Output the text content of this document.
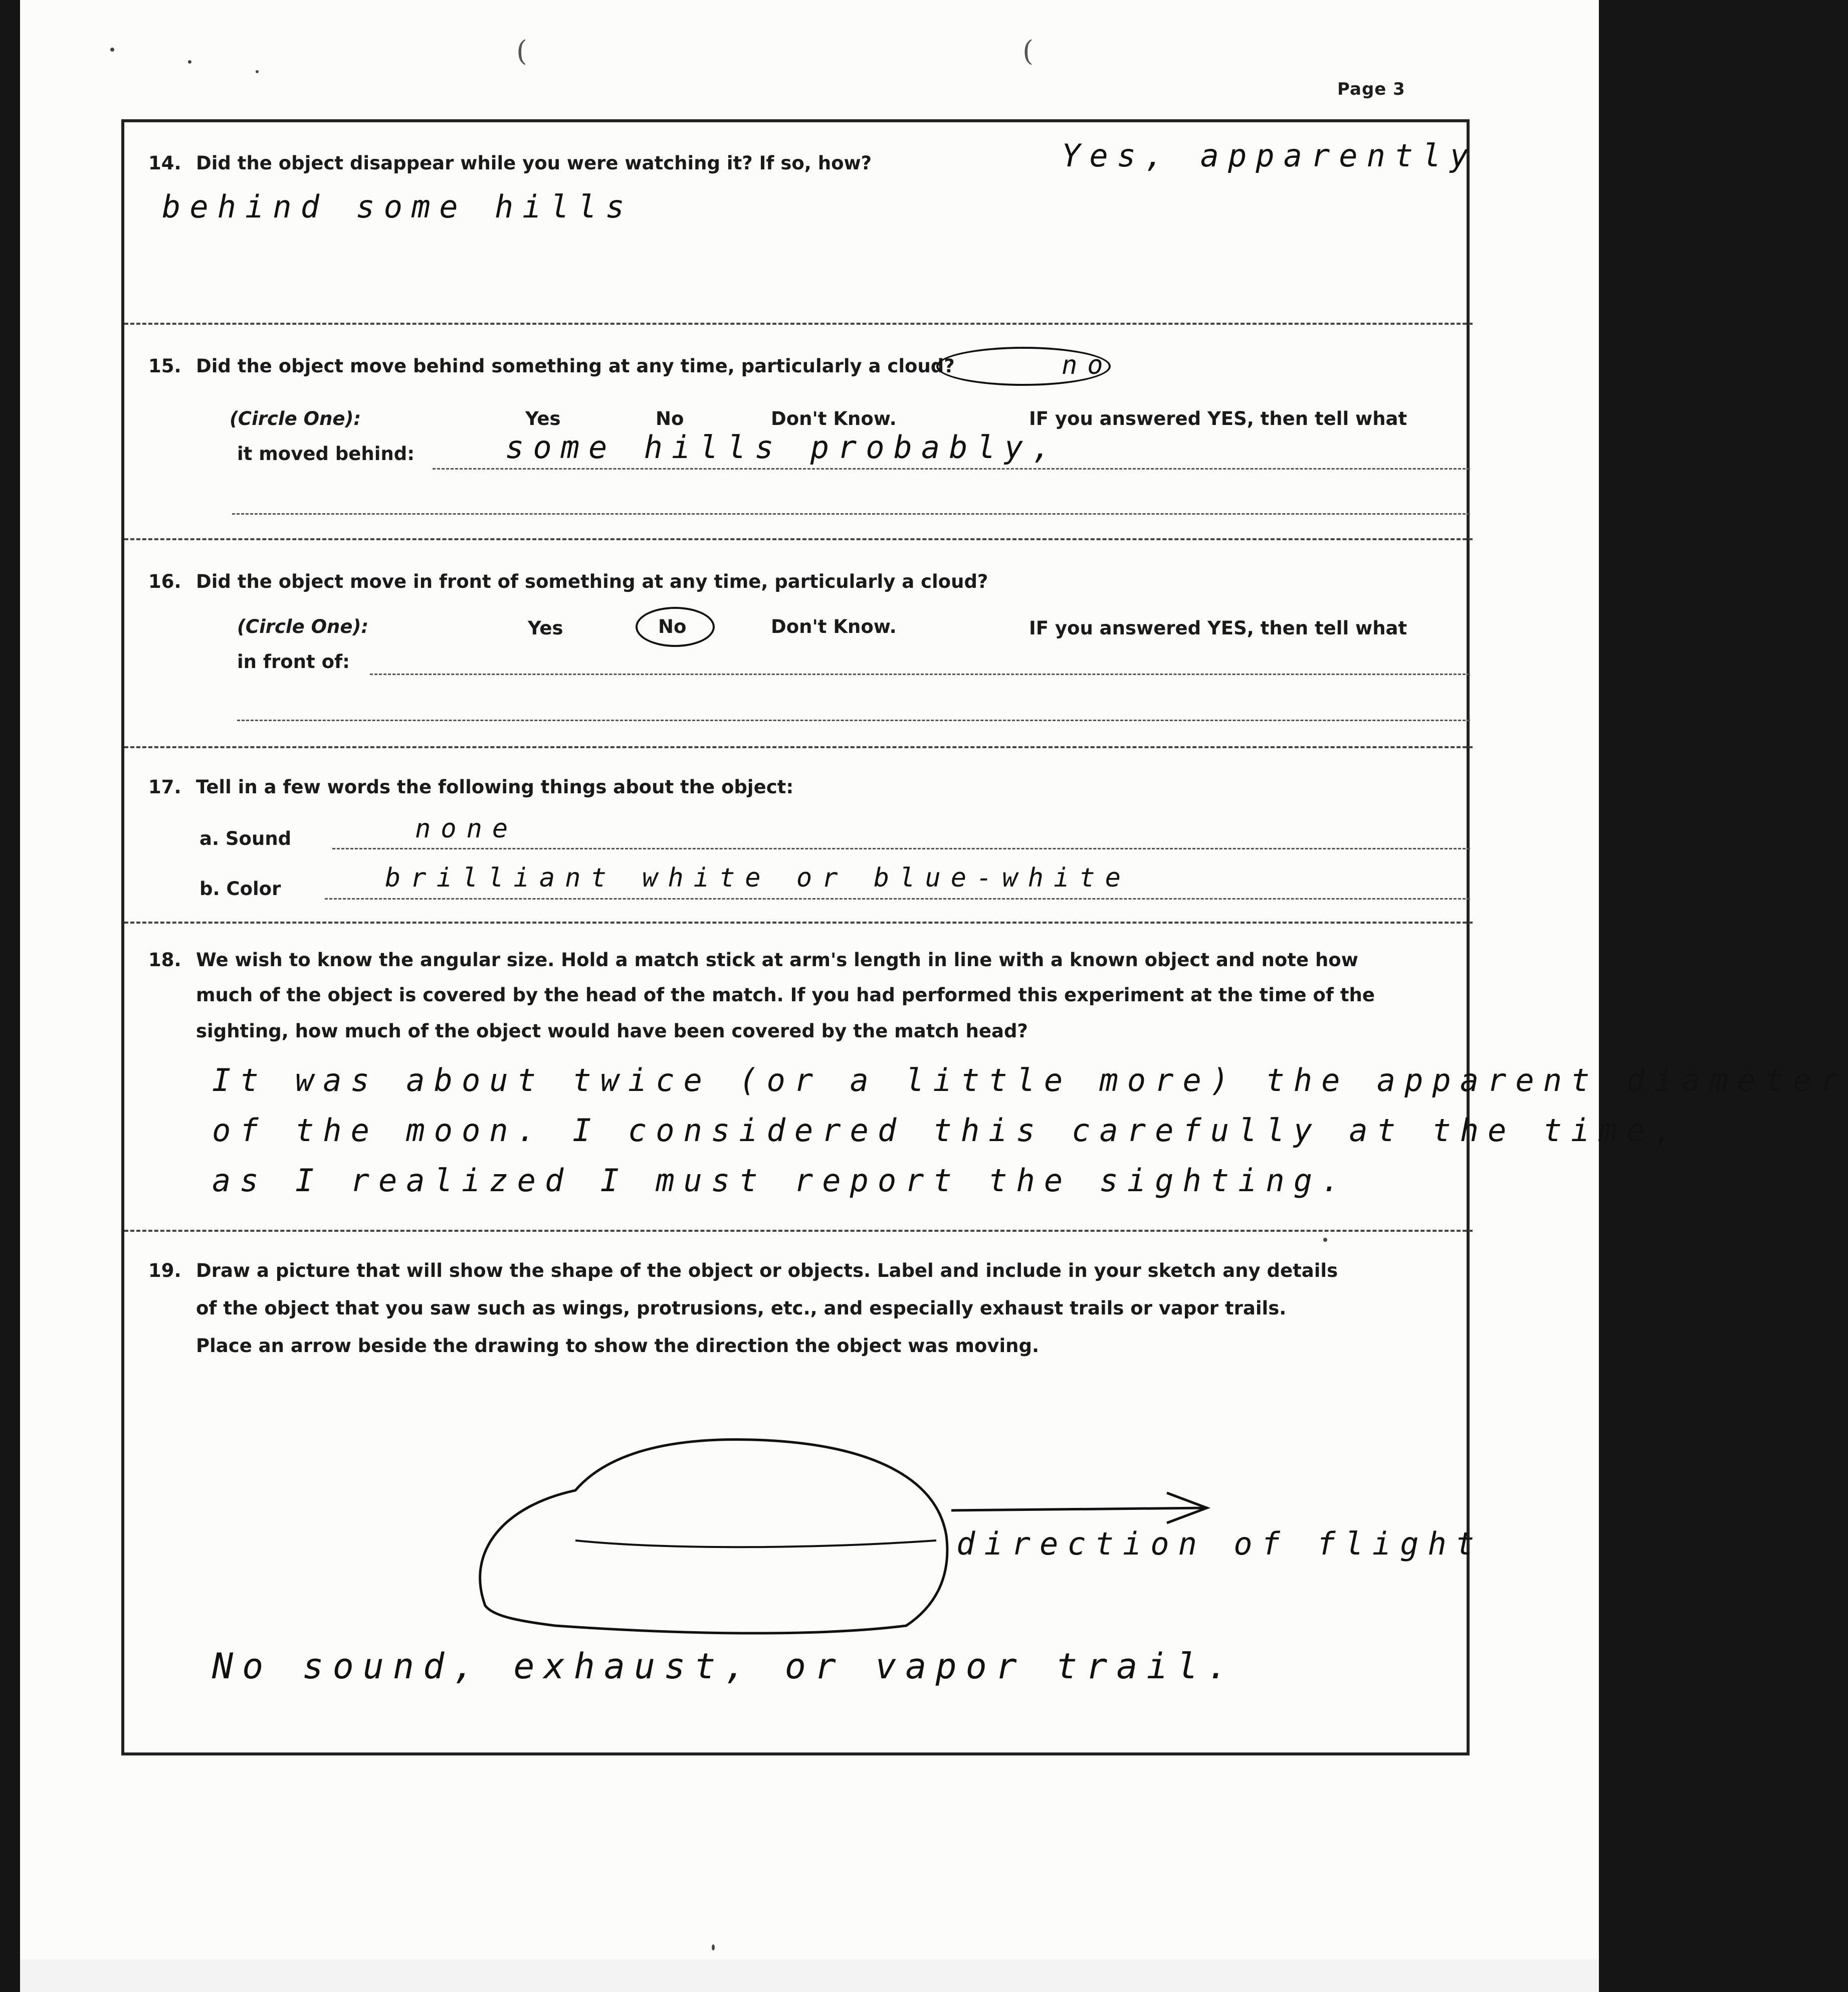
(	(
Page 3
14. Did the object disappear while you were watching it? If so, how?	Yes, apparently
behind some hills
15. Did the object move behind something at any time, particularly a cloud?	no
(Circle One):	Yes	No	Don't Know.	IF you answered YES, then tell what
it moved behind:	some hills probably,
16. Did the object move in front of something at any time, particularly a cloud?
(Circle One):	Yes	No	Don't Know.	IF you answered YES, then tell what
in front of:
17. Tell in a few words the following things about the object:
a. Sound	none
b. Color	brilliant white or blue-white
18. We wish to know the angular size. Hold a match stick at arm's length in line with a known object and note how
much of the object is covered by the head of the match. If you had performed this experiment at the time of the
sighting, how much of the object would have been covered by the match head?
It was about twice (or a little more) the apparent diameter
of the moon. I considered this carefully at the time,
as I realized I must report the sighting.
19. Draw a picture that will show the shape of the object or objects. Label and include in your sketch any details
of the object that you saw such as wings, protrusions, etc., and especially exhaust trails or vapor trails.
Place an arrow beside the drawing to show the direction the object was moving.
direction of flight
No sound, exhaust, or vapor trail.
